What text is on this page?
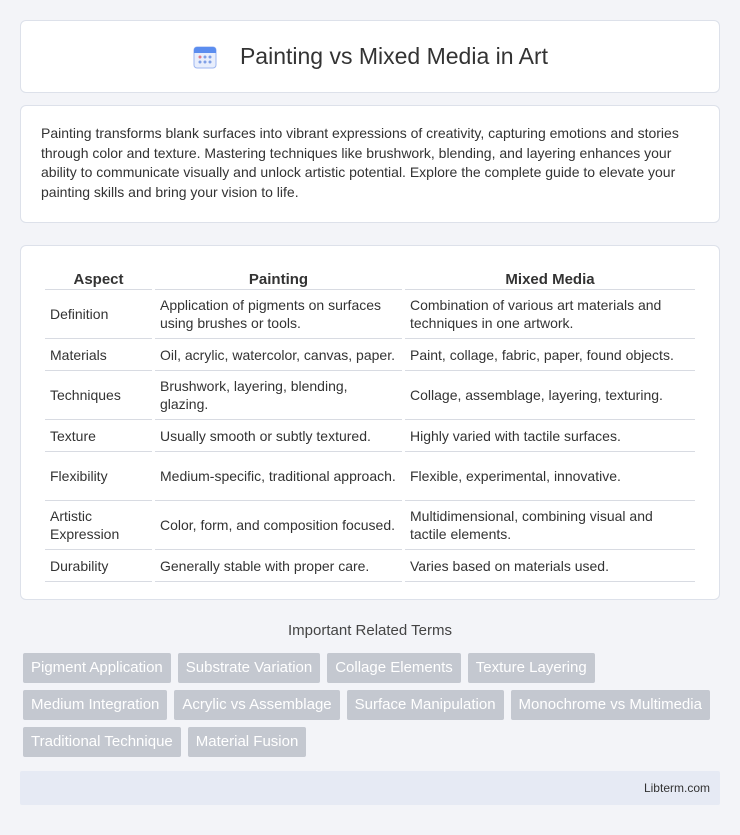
Painting vs Mixed Media in Art

Painting transforms blank surfaces into vibrant expressions of creativity, capturing emotions and stories through color and texture. Mastering techniques like brushwork, blending, and layering enhances your ability to communicate visually and unlock artistic potential. Explore the complete guide to elevate your painting skills and bring your vision to life.

Aspect	Painting	Mixed Media
Definition	Application of pigments on surfaces using brushes or tools.	Combination of various art materials and techniques in one artwork.
Materials	Oil, acrylic, watercolor, canvas, paper.	Paint, collage, fabric, paper, found objects.
Techniques	Brushwork, layering, blending, glazing.	Collage, assemblage, layering, texturing.
Texture	Usually smooth or subtly textured.	Highly varied with tactile surfaces.
Flexibility	Medium-specific, traditional approach.	Flexible, experimental, innovative.
Artistic Expression	Color, form, and composition focused.	Multidimensional, combining visual and tactile elements.
Durability	Generally stable with proper care.	Varies based on materials used.
Important Related Terms
Pigment Application	Substrate Variation	Collage Elements	Texture Layering
Medium Integration	Acrylic vs Assemblage	Surface Manipulation	Monochrome vs Multimedia
Traditional Technique	Material Fusion
Libterm.com
